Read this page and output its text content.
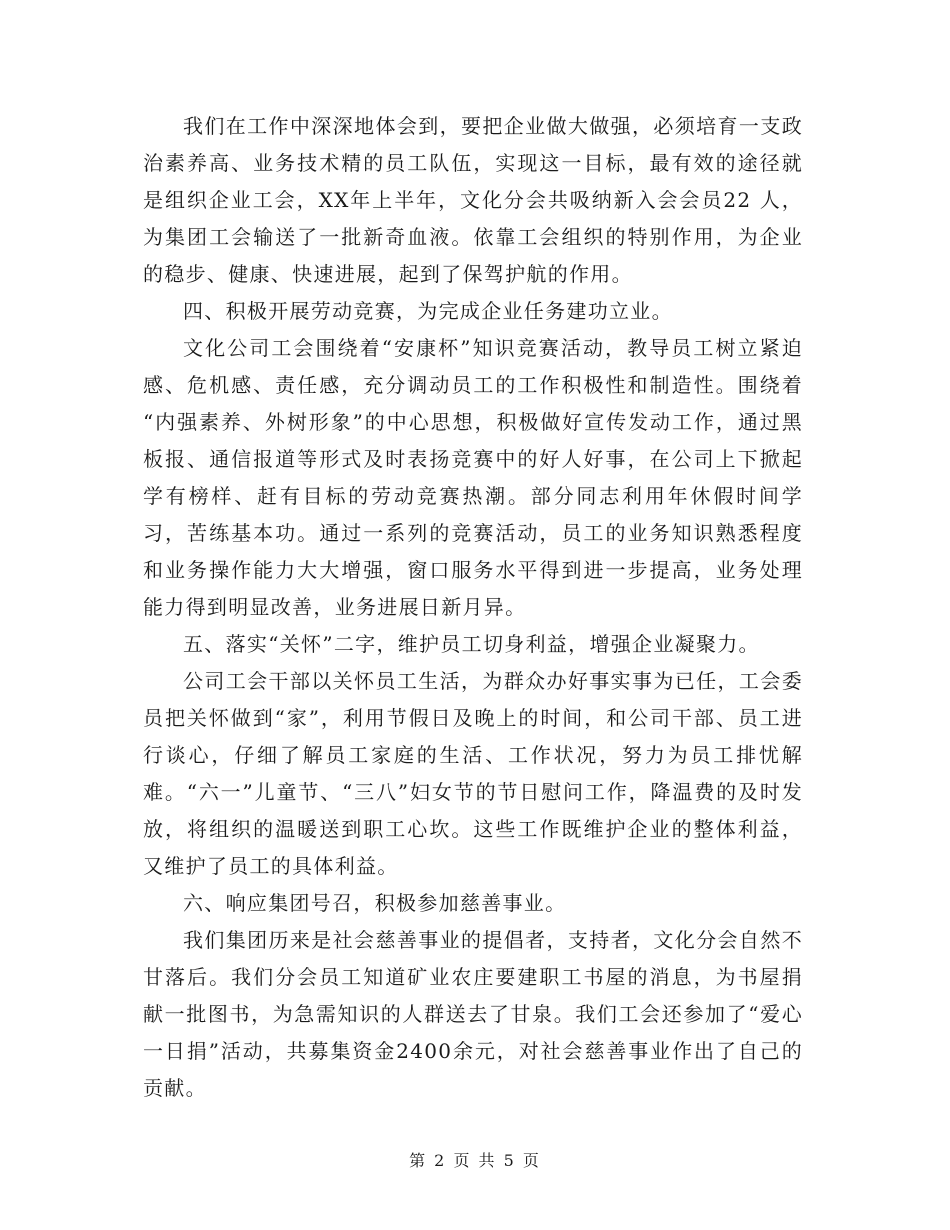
我们在工作中深深地体会到，要把企业做大做强，必须培育一支政治素养高、业务技术精的员工队伍，实现这一目标，最有效的途径就是组织企业工会，XX年上半年，文化分会共吸纳新入会会员22 人，为集团工会输送了一批新奇血液。依靠工会组织的特别作用，为企业的稳步、健康、快速进展，起到了保驾护航的作用。

四、积极开展劳动竞赛，为完成企业任务建功立业。

文化公司工会围绕着“安康杯”知识竞赛活动，教导员工树立紧迫感、危机感、责任感，充分调动员工的工作积极性和制造性。围绕着 “内强素养、外树形象”的中心思想，积极做好宣传发动工作，通过黑板报、通信报道等形式及时表扬竞赛中的好人好事，在公司上下掀起学有榜样、赶有目标的劳动竞赛热潮。部分同志利用年休假时间学习，苦练基本功。通过一系列的竞赛活动，员工的业务知识熟悉程度和业务操作能力大大增强，窗口服务水平得到进一步提高，业务处理能力得到明显改善，业务进展日新月异。

五、落实“关怀”二字，维护员工切身利益，增强企业凝聚力。

公司工会干部以关怀员工生活，为群众办好事实事为已任，工会委员把关怀做到“家”，利用节假日及晚上的时间，和公司干部、员工进行谈心，仔细了解员工家庭的生活、工作状况，努力为员工排忧解难。“六一”儿童节、“三八”妇女节的节日慰问工作，降温费的及时发放，将组织的温暖送到职工心坎。这些工作既维护企业的整体利益，又维护了员工的具体利益。

六、响应集团号召，积极参加慈善事业。

我们集团历来是社会慈善事业的提倡者，支持者，文化分会自然不甘落后。我们分会员工知道矿业农庄要建职工书屋的消息，为书屋捐献一批图书，为急需知识的人群送去了甘泉。我们工会还参加了“爱心一日捐”活动，共募集资金2400余元，对社会慈善事业作出了自己的贡献。

第 2 页 共 5 页
